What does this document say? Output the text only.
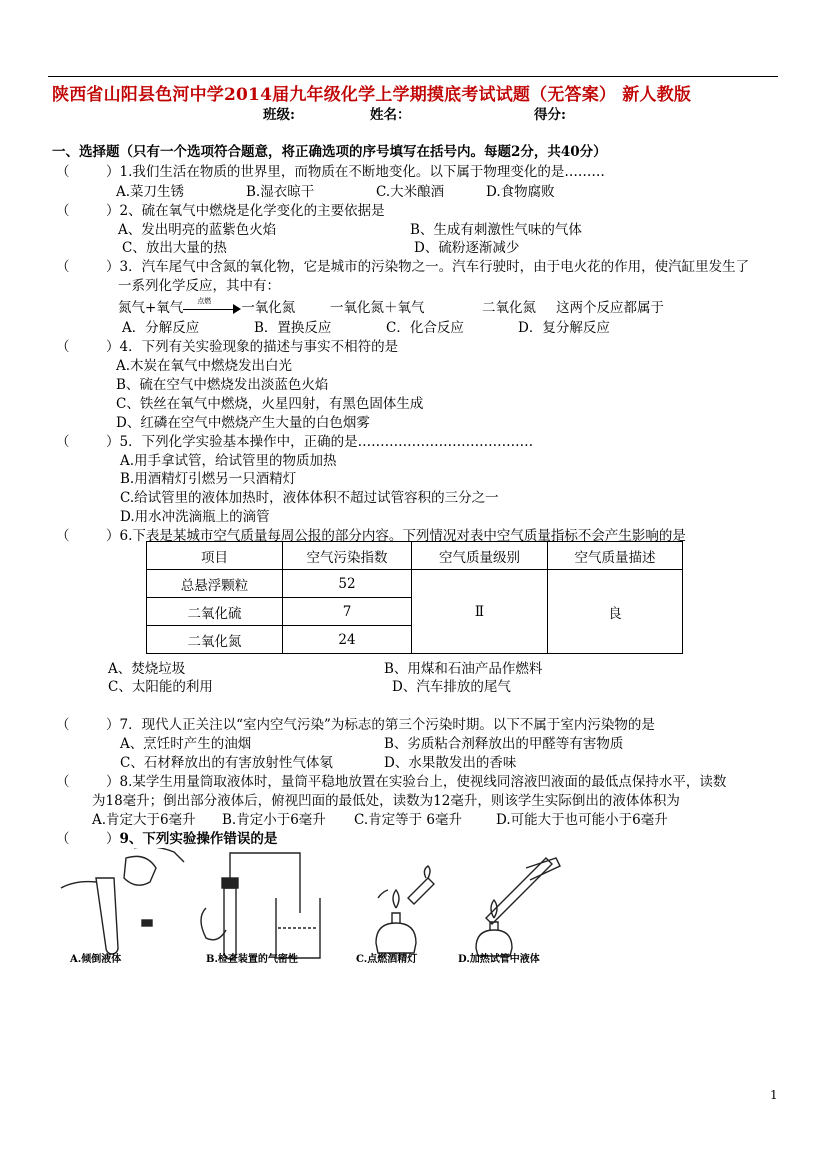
陕西省山阳县色河中学2014届九年级化学上学期摸底考试试题（无答案） 新人教版
班级:	姓名：	得分:
一、选择题（只有一个选项符合题意，将正确选项的序号填写在括号内。每题2分，共40分）
（	）1.我们生活在物质的世界里，而物质在不断地变化。以下属于物理变化的是………
A.菜刀生锈	B.湿衣晾干	C.大米酿酒	D.食物腐败
（	）2、硫在氧气中燃烧是化学变化的主要依据是
A、发出明亮的蓝紫色火焰	B、生成有刺激性气味的气体
C、放出大量的热	D、硫粉逐渐减少
（	）3．汽车尾气中含氮的氧化物，它是城市的污染物之一。汽车行驶时，由于电火花的作用，使汽缸里发生了
一系列化学反应，其中有：
氮气+氧气 点燃 一氧化氮	一氧化氮＋氧气	二氧化氮 这两个反应都属于
A．分解反应	B．置换反应	C．化合反应	D．复分解反应
（	）4．下列有关实验现象的描述与事实不相符的是
A.木炭在氧气中燃烧发出白光
B、硫在空气中燃烧发出淡蓝色火焰
C、铁丝在氧气中燃烧，火星四射，有黑色固体生成
D、红磷在空气中燃烧产生大量的白色烟雾
（	）5．下列化学实验基本操作中，正确的是…………………………………
A.用手拿试管，给试管里的物质加热
B.用酒精灯引燃另一只酒精灯
C.给试管里的液体加热时，液体体积不超过试管容积的三分之一
D.用水冲洗滴瓶上的滴管
（	）6.下表是某城市空气质量每周公报的部分内容。下列情况对表中空气质量指标不会产生影响的是
项目	空气污染指数	空气质量级别	空气质量描述
总悬浮颗粒	52	Ⅱ	良
二氧化硫	7		
二氧化氮	24		
A、焚烧垃圾	B、用煤和石油产品作燃料
C、太阳能的利用	D、汽车排放的尾气
（	）7．现代人正关注以“室内空气污染”为标志的第三个污染时期。以下不属于室内污染物的是
A、烹饪时产生的油烟	B、劣质粘合剂释放出的甲醛等有害物质
C、石材释放出的有害放射性气体氡	D、水果散发出的香味
（	）8.某学生用量筒取液体时，量筒平稳地放置在实验台上，使视线同溶液凹液面的最低点保持水平，读数
为18毫升；倒出部分液体后，俯视凹面的最低处，读数为12毫升，则该学生实际倒出的液体体积为
A.肯定大于6毫升 B.肯定小于6毫升 C.肯定等于 6毫升	D.可能大于也可能小于6毫升
（	）9、下列实验操作错误的是
A.倾倒液体	B.检查装置的气密性	C.点燃酒精灯	D.加热试管中液体
1
